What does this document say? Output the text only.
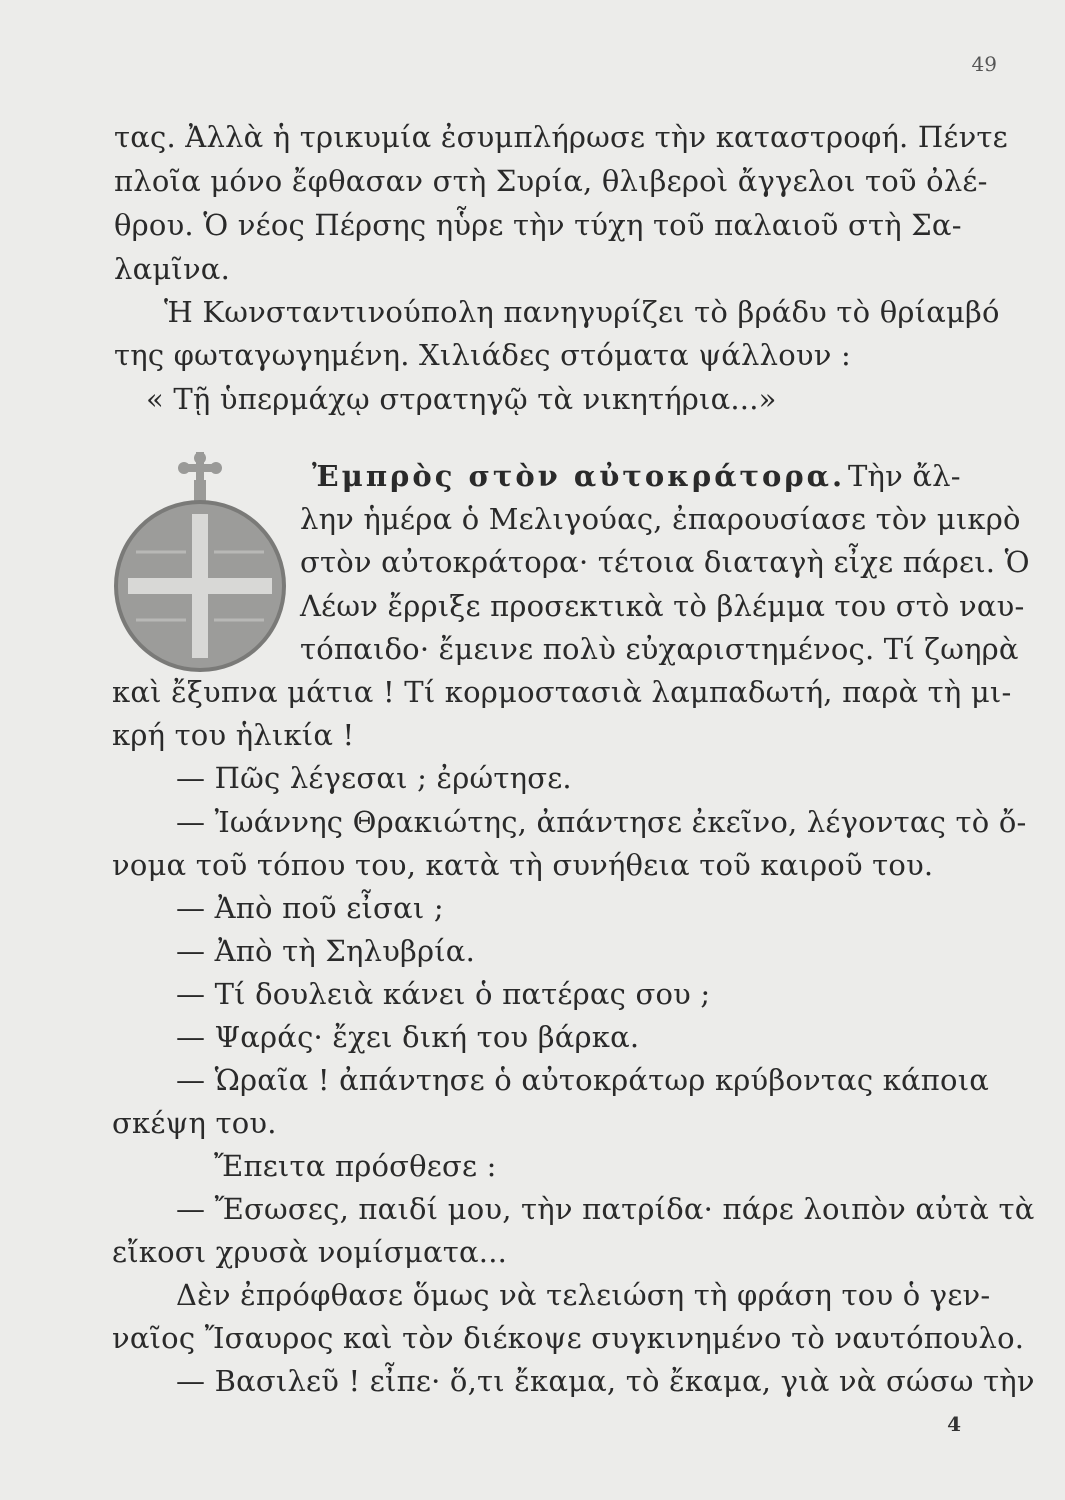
49
τας. Ἀλλὰ ἡ τρικυμία ἐσυμπλήρωσε τὴν καταστροφή. Πέντε
πλοῖα μόνο ἔφθασαν στὴ Συρία, θλιβεροὶ ἄγγελοι τοῦ ὀλέ-
θρου. Ὁ νέος Πέρσης ηὗρε τὴν τύχη τοῦ παλαιοῦ στὴ Σα-
λαμῖνα.
Ἡ Κωνσταντινούπολη πανηγυρίζει τὸ βράδυ τὸ θρίαμβό
της φωταγωγημένη. Χιλιάδες στόματα ψάλλουν :
« Τῇ ὑπερμάχῳ στρατηγῷ τὰ νικητήρια...»
Ἐμπρὸς στὸν αὐτοκράτορα. Τὴν ἄλ-
λην ἡμέρα ὁ Μελιγούας, ἐπαρουσίασε τὸν μικρὸ
στὸν αὐτοκράτορα· τέτοια διαταγὴ εἶχε πάρει. Ὁ
Λέων ἔρριξε προσεκτικὰ τὸ βλέμμα του στὸ ναυ-
τόπαιδο· ἔμεινε πολὺ εὐχαριστημένος. Τί ζωηρὰ
καὶ ἔξυπνα μάτια ! Τί κορμοστασιὰ λαμπαδωτή, παρὰ τὴ μι-
κρή του ἡλικία !
— Πῶς λέγεσαι ; ἐρώτησε.
— Ἰωάννης Θρακιώτης, ἀπάντησε ἐκεῖνο, λέγοντας τὸ ὄ-
νομα τοῦ τόπου του, κατὰ τὴ συνήθεια τοῦ καιροῦ του.
— Ἀπὸ ποῦ εἶσαι ;
— Ἀπὸ τὴ Σηλυβρία.
— Τί δουλειὰ κάνει ὁ πατέρας σου ;
— Ψαράς· ἔχει δική του βάρκα.
— Ὡραῖα ! ἀπάντησε ὁ αὐτοκράτωρ κρύβοντας κάποια
σκέψη του.
Ἔπειτα πρόσθεσε :
— Ἔσωσες, παιδί μου, τὴν πατρίδα· πάρε λοιπὸν αὐτὰ τὰ
εἴκοσι χρυσὰ νομίσματα...
Δὲν ἐπρόφθασε ὅμως νὰ τελειώση τὴ φράση του ὁ γεν-
ναῖος Ἴσαυρος καὶ τὸν διέκοψε συγκινημένο τὸ ναυτόπουλο.
— Βασιλεῦ ! εἶπε· ὅ,τι ἔκαμα, τὸ ἔκαμα, γιὰ νὰ σώσω τὴν
4
